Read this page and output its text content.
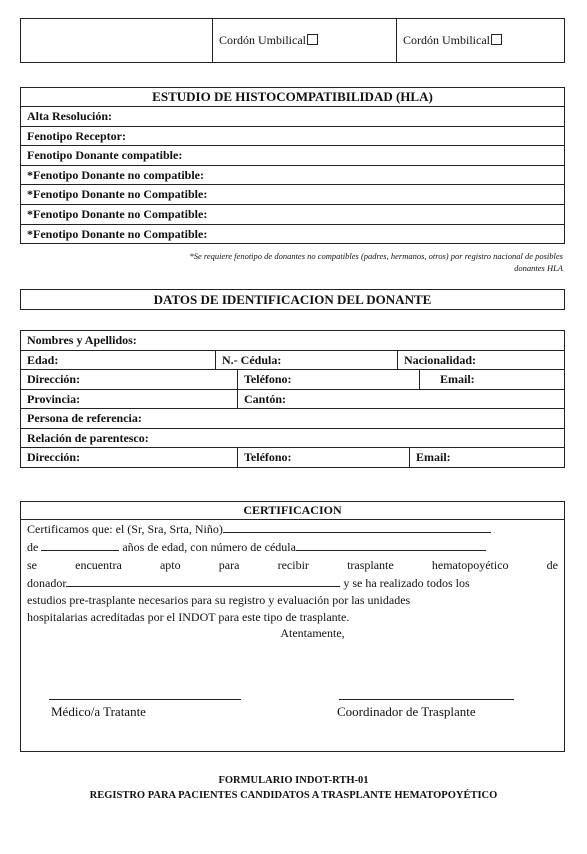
Cordón Umbilical	Cordón Umbilical
ESTUDIO DE HISTOCOMPATIBILIDAD (HLA)
Alta Resolución:
Fenotipo Receptor:
Fenotipo Donante compatible:
*Fenotipo Donante no compatible:
*Fenotipo Donante no Compatible:
*Fenotipo Donante no Compatible:
*Fenotipo Donante no Compatible:
*Se requiere fenotipo de donantes no compatibles (padres, hermanos, otros) por registro nacional de posibles
donantes HLA
DATOS DE IDENTIFICACION DEL DONANTE
Nombres y Apellidos:
Edad:	N.- Cédula:	Nacionalidad:
Dirección:	Teléfono:	Email:
Provincia:	Cantón:
Persona de referencia:
Relación de parentesco:
Dirección:	Teléfono:	Email:
CERTIFICACION
Certificamos que: el (Sr, Sra, Srta, Niño)
de	años de edad, con número de cédula
se	encuentra	apto	para	recibir	trasplante	hematopoyético	de
donador	y se ha realizado todos los
estudios pre-trasplante necesarios para su registro y evaluación por las unidades
hospitalarias acreditadas por el INDOT para este tipo de trasplante.
Atentamente,
Médico/a Tratante	Coordinador de Trasplante
FORMULARIO INDOT-RTH-01
REGISTRO PARA PACIENTES CANDIDATOS A TRASPLANTE HEMATOPOYÉTICO
